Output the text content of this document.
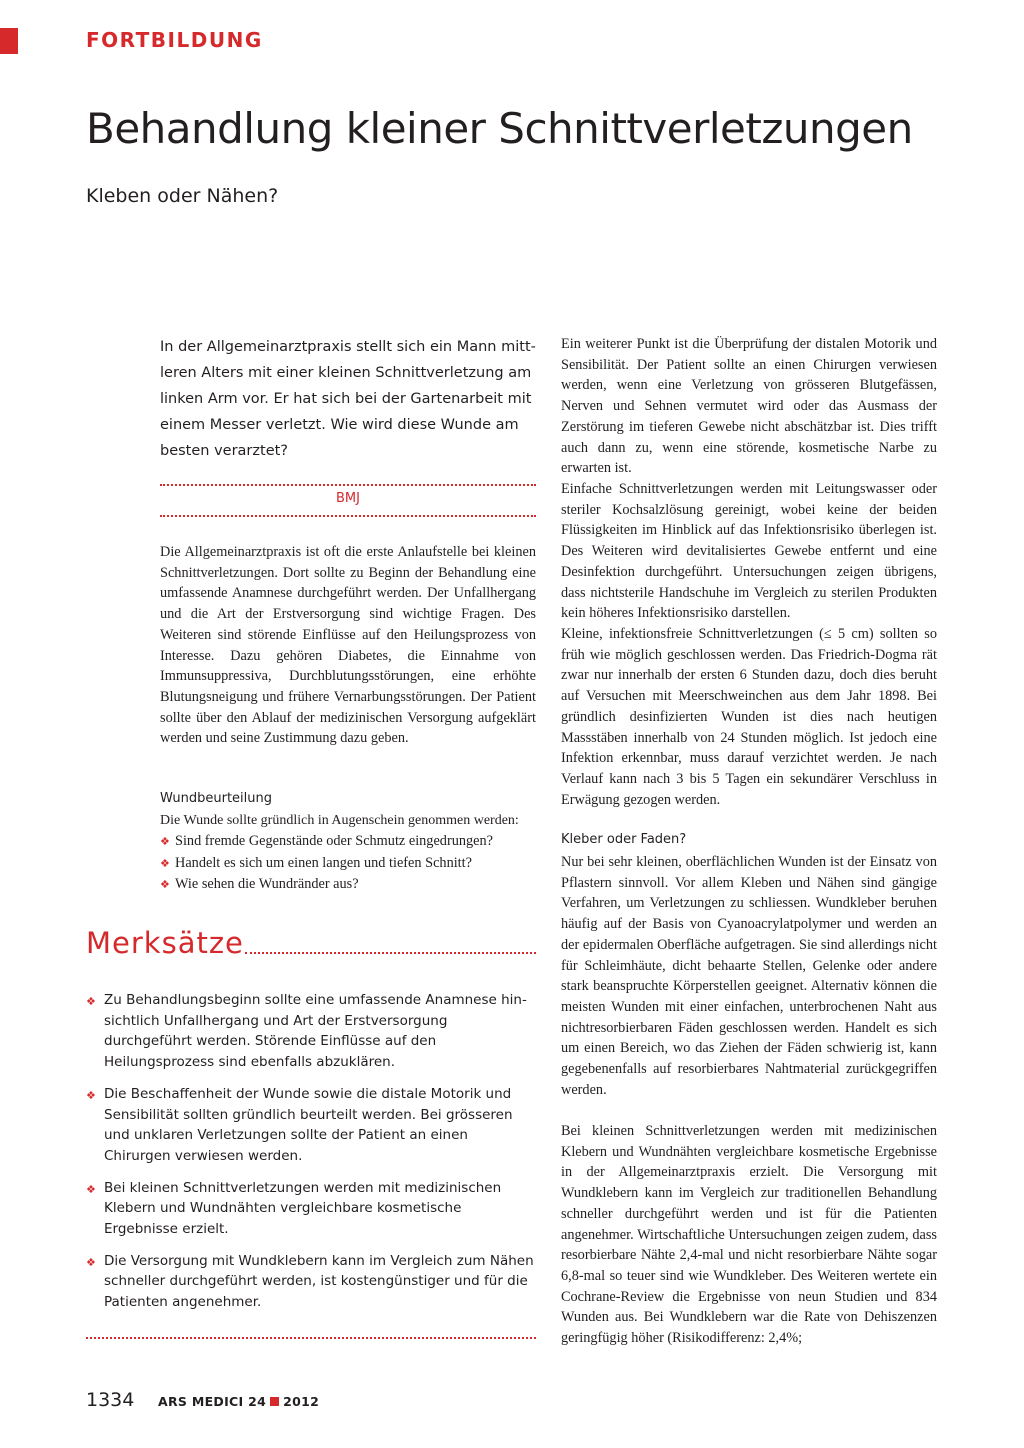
FORTBILDUNG
Behandlung kleiner Schnittverletzungen
Kleben oder Nähen?

In der Allgemeinarztpraxis stellt sich ein Mann mittleren Alters mit einer kleinen Schnittverletzung am linken Arm vor. Er hat sich bei der Gartenarbeit mit einem Messer verletzt. Wie wird diese Wunde am besten verarztet?

BMJ

Die Allgemeinarztpraxis ist oft die erste Anlaufstelle bei kleinen Schnittverletzungen. Dort sollte zu Beginn der Behandlung eine umfassende Anamnese durchgeführt werden. Der Unfallhergang und die Art der Erstversorgung sind wichtige Fragen. Des Weiteren sind störende Einflüsse auf den Heilungsprozess von Interesse. Dazu gehören Diabetes, die Einnahme von Immunsuppressiva, Durchblutungsstörungen, eine erhöhte Blutungsneigung und frühere Vernarbungsstörungen. Der Patient sollte über den Ablauf der medizinischen Versorgung aufgeklärt werden und seine Zustimmung dazu geben.

Wundbeurteilung

Die Wunde sollte gründlich in Augenschein genommen werden:

❖ Sind fremde Gegenstände oder Schmutz eingedrungen?
❖ Handelt es sich um einen langen und tiefen Schnitt?
❖ Wie sehen die Wundränder aus?
Merksätze
❖ Zu Behandlungsbeginn sollte eine umfassende Anamnese hinsichtlich Unfallhergang und Art der Erstversorgung durchgeführt werden. Störende Einflüsse auf den Heilungsprozess sind ebenfalls abzuklären.
❖ Die Beschaffenheit der Wunde sowie die distale Motorik und Sensibilität sollten gründlich beurteilt werden. Bei grösseren und unklaren Verletzungen sollte der Patient an einen Chirurgen verwiesen werden.
❖ Bei kleinen Schnittverletzungen werden mit medizinischen Klebern und Wundnähten vergleichbare kosmetische Ergebnisse erzielt.
❖ Die Versorgung mit Wundklebern kann im Vergleich zum Nähen schneller durchgeführt werden, ist kostengünstiger und für die Patienten angenehmer.

Ein weiterer Punkt ist die Überprüfung der distalen Motorik und Sensibilität. Der Patient sollte an einen Chirurgen verwiesen werden, wenn eine Verletzung von grösseren Blutgefässen, Nerven und Sehnen vermutet wird oder das Ausmass der Zerstörung im tieferen Gewebe nicht abschätzbar ist. Dies trifft auch dann zu, wenn eine störende, kosmetische Narbe zu erwarten ist.

Einfache Schnittverletzungen werden mit Leitungswasser oder steriler Kochsalzlösung gereinigt, wobei keine der beiden Flüssigkeiten im Hinblick auf das Infektionsrisiko überlegen ist. Des Weiteren wird devitalisiertes Gewebe entfernt und eine Desinfektion durchgeführt. Untersuchungen zeigen übrigens, dass nichtsterile Handschuhe im Vergleich zu sterilen Produkten kein höheres Infektionsrisiko darstellen.

Kleine, infektionsfreie Schnittverletzungen (≤ 5 cm) sollten so früh wie möglich geschlossen werden. Das Friedrich-Dogma rät zwar nur innerhalb der ersten 6 Stunden dazu, doch dies beruht auf Versuchen mit Meerschweinchen aus dem Jahr 1898. Bei gründlich desinfizierten Wunden ist dies nach heutigen Massstäben innerhalb von 24 Stunden möglich. Ist jedoch eine Infektion erkennbar, muss darauf verzichtet werden. Je nach Verlauf kann nach 3 bis 5 Tagen ein sekundärer Verschluss in Erwägung gezogen werden.

Kleber oder Faden?

Nur bei sehr kleinen, oberflächlichen Wunden ist der Einsatz von Pflastern sinnvoll. Vor allem Kleben und Nähen sind gängige Verfahren, um Verletzungen zu schliessen. Wundkleber beruhen häufig auf der Basis von Cyanoacrylatpolymer und werden an der epidermalen Oberfläche aufgetragen. Sie sind allerdings nicht für Schleimhäute, dicht behaarte Stellen, Gelenke oder andere stark beanspruchte Körperstellen geeignet. Alternativ können die meisten Wunden mit einer einfachen, unterbrochenen Naht aus nichtresorbierbaren Fäden geschlossen werden. Handelt es sich um einen Bereich, wo das Ziehen der Fäden schwierig ist, kann gegebenenfalls auf resorbierbares Nahtmaterial zurückgegriffen werden.

Bei kleinen Schnittverletzungen werden mit medizinischen Klebern und Wundnähten vergleichbare kosmetische Ergebnisse in der Allgemeinarztpraxis erzielt. Die Versorgung mit Wundklebern kann im Vergleich zur traditionellen Behandlung schneller durchgeführt werden und ist für die Patienten angenehmer. Wirtschaftliche Untersuchungen zeigen zudem, dass resorbierbare Nähte 2,4-mal und nicht resorbierbare Nähte sogar 6,8-mal so teuer sind wie Wundkleber. Des Weiteren wertete ein Cochrane-Review die Ergebnisse von neun Studien und 834 Wunden aus. Bei Wundklebern war die Rate von Dehiszenzen geringfügig höher (Risikodifferenz: 2,4%;

1334 ARS MEDICI 24 2012
